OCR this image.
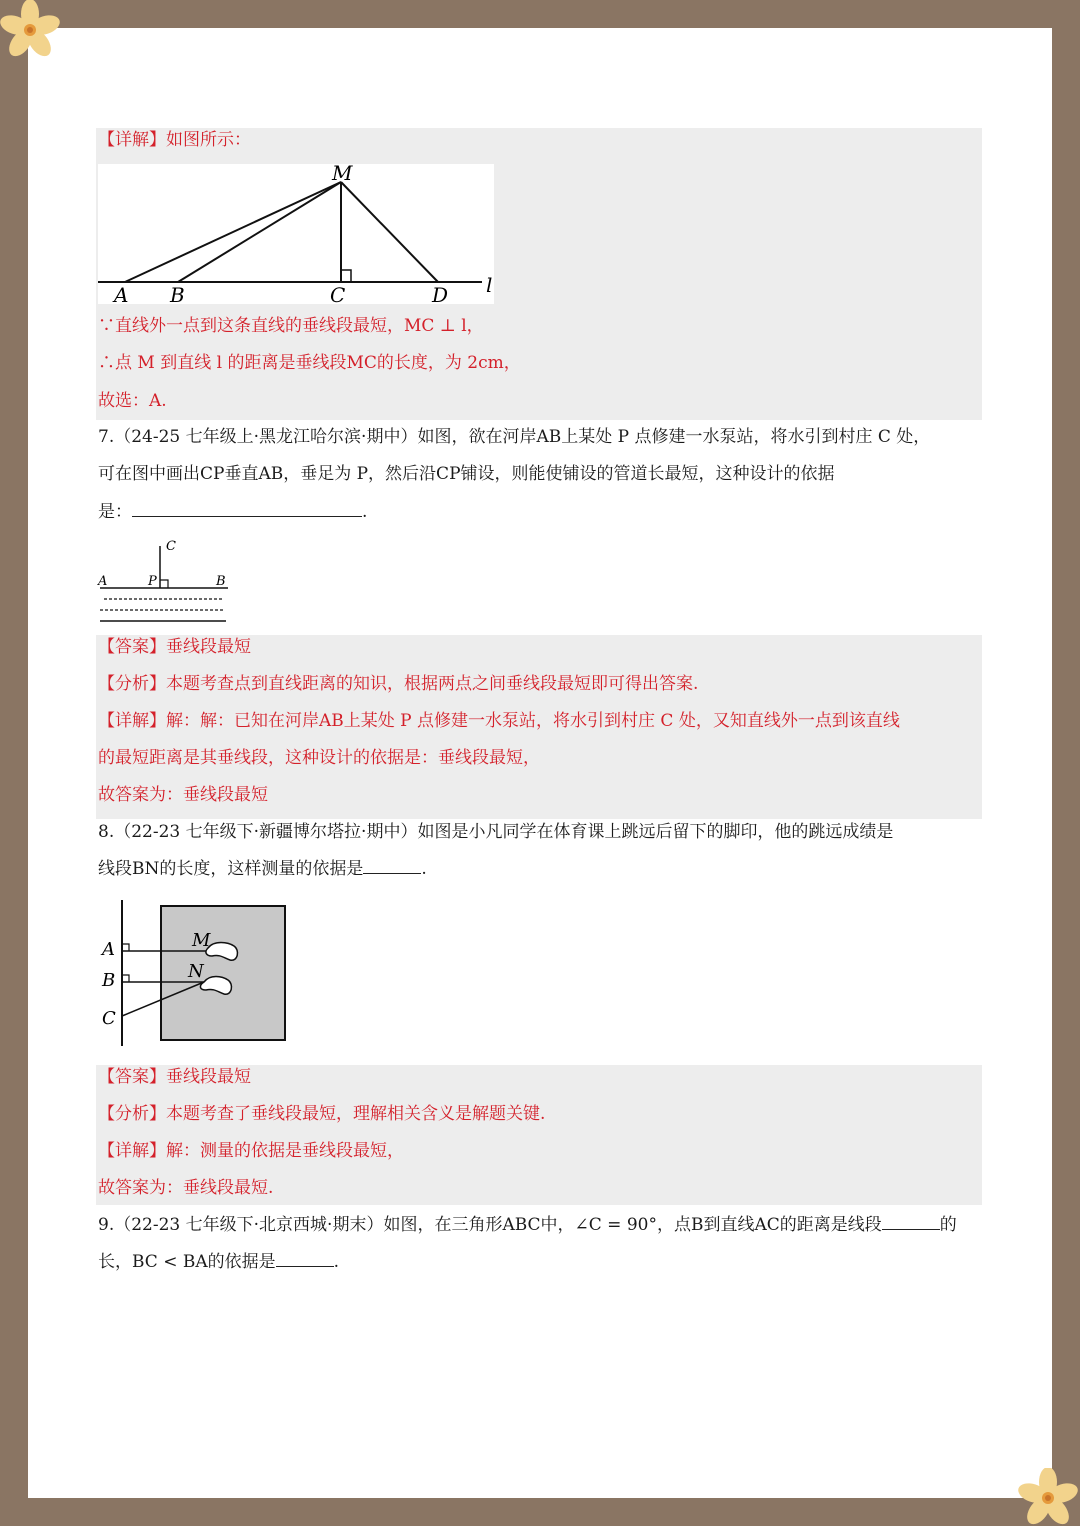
【详解】如图所示：
M
A B	C	D l
∵直线外一点到这条直线的垂线段最短，MC ⊥ l，
∴点 M 到直线 l 的距离是垂线段MC的长度，为 2cm，
故选：A.
7.（24-25 七年级上·黑龙江哈尔滨·期中）如图，欲在河岸AB上某处 P 点修建一水泵站，将水引到村庄 C 处，
可在图中画出CP垂直AB，垂足为 P，然后沿CP铺设，则能使铺设的管道长最短，这种设计的依据
是：	.
C
A	P	B
【答案】垂线段最短
【分析】本题考查点到直线距离的知识，根据两点之间垂线段最短即可得出答案.
【详解】解：解：已知在河岸AB上某处 P 点修建一水泵站，将水引到村庄 C 处，又知直线外一点到该直线
的最短距离是其垂线段，这种设计的依据是：垂线段最短，
故答案为：垂线段最短
8.（22-23 七年级下·新疆博尔塔拉·期中）如图是小凡同学在体育课上跳远后留下的脚印，他的跳远成绩是
线段BN的长度，这样测量的依据是	.
M
N
A
B
C
【答案】垂线段最短
【分析】本题考查了垂线段最短，理解相关含义是解题关键.
【详解】解：测量的依据是垂线段最短，
故答案为：垂线段最短.
9.（22-23 七年级下·北京西城·期末）如图，在三角形ABC中，∠C = 90°，点B到直线AC的距离是线段	的
长，BC < BA的依据是	.
